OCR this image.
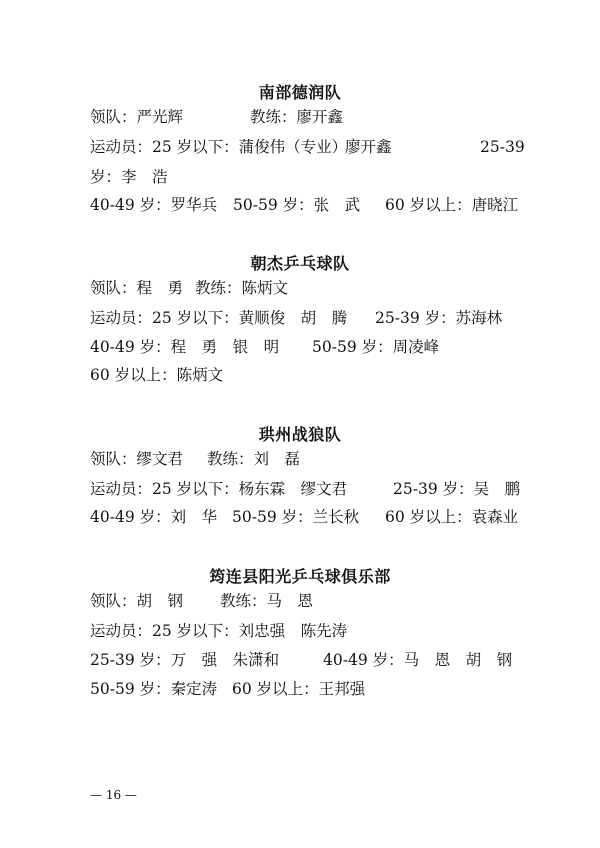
南部德润队
领队：严光辉	教练：廖开鑫
运动员：25 岁以下：蒲俊伟（专业）
廖开鑫	25-39
岁：李　浩
40-49 岁：罗华兵 50-59 岁：张　武 60 岁以上：唐晓江
朝杰乒乓球队
领队：程　勇 教练：陈炳文
运动员：25 岁以下：黄顺俊　胡　腾 25-39 岁：苏海林
40-49 岁：程　勇　银　明 50-59 岁：周凌峰
60 岁以上：陈炳文
珙州战狼队
领队：缪文君 教练：刘　磊
运动员：25 岁以下：杨东霖　缪文君	25-39 岁：吴　鹏
40-49 岁：刘　华 50-59 岁：兰长秋 60 岁以上：袁森业
筠连县阳光乒乓球俱乐部
领队：胡　钢 教练：马　恩
运动员：25 岁以下：刘忠强　陈先涛
25-39 岁：万　强　朱潇和	40-49 岁：马　恩　胡　钢
50-59 岁：秦定涛 60 岁以上：王邦强
— 16 —
